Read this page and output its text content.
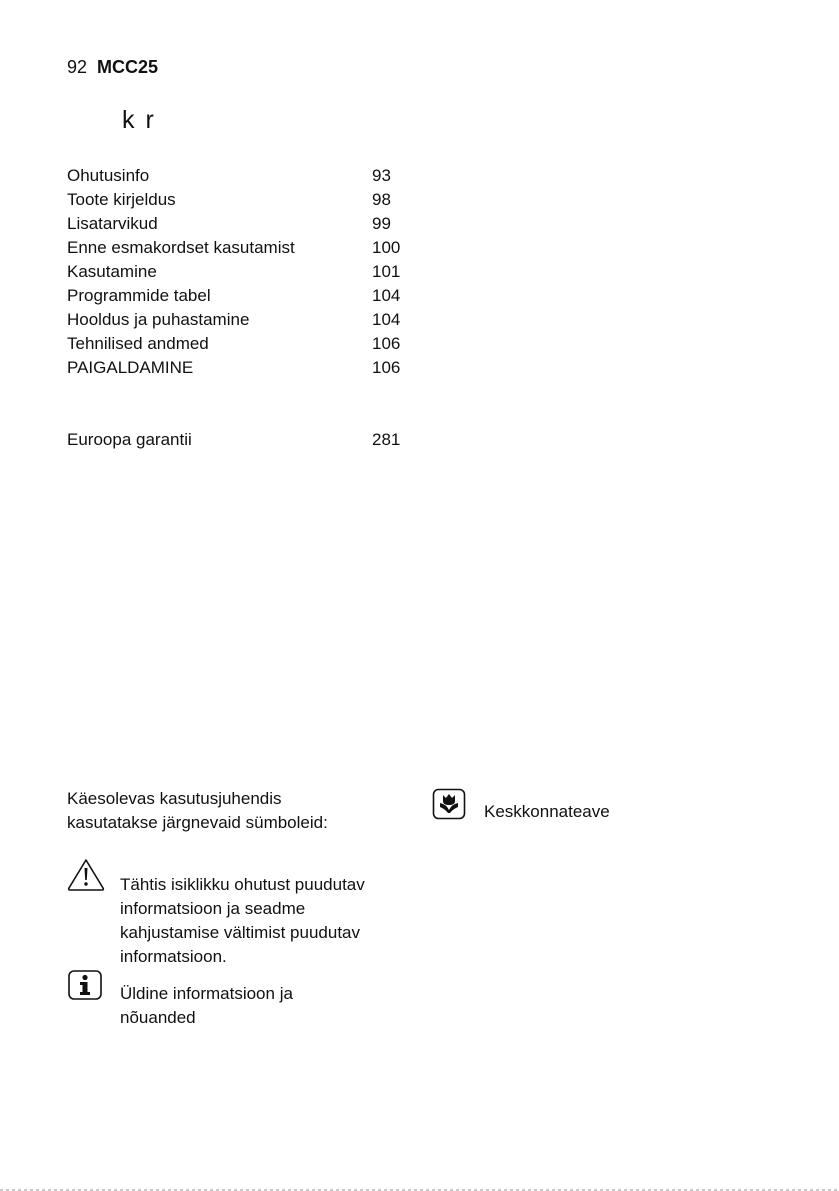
92 MCC25
k r
Ohutusinfo	93
Toote kirjeldus	98
Lisatarvikud	99
Enne esmakordset kasutamist	100
Kasutamine	101
Programmide tabel	104
Hooldus ja puhastamine	104
Tehnilised andmed	106
PAIGALDAMINE	106
Euroopa garantii	281
Käesolevas kasutusjuhendis
kasutatakse järgnevaid sümboleid:
Tähtis isiklikku ohutust puudutav
informatsioon ja seadme
kahjustamise vältimist puudutav
informatsioon.
Üldine informatsioon ja
nõuanded
Keskkonnateave
